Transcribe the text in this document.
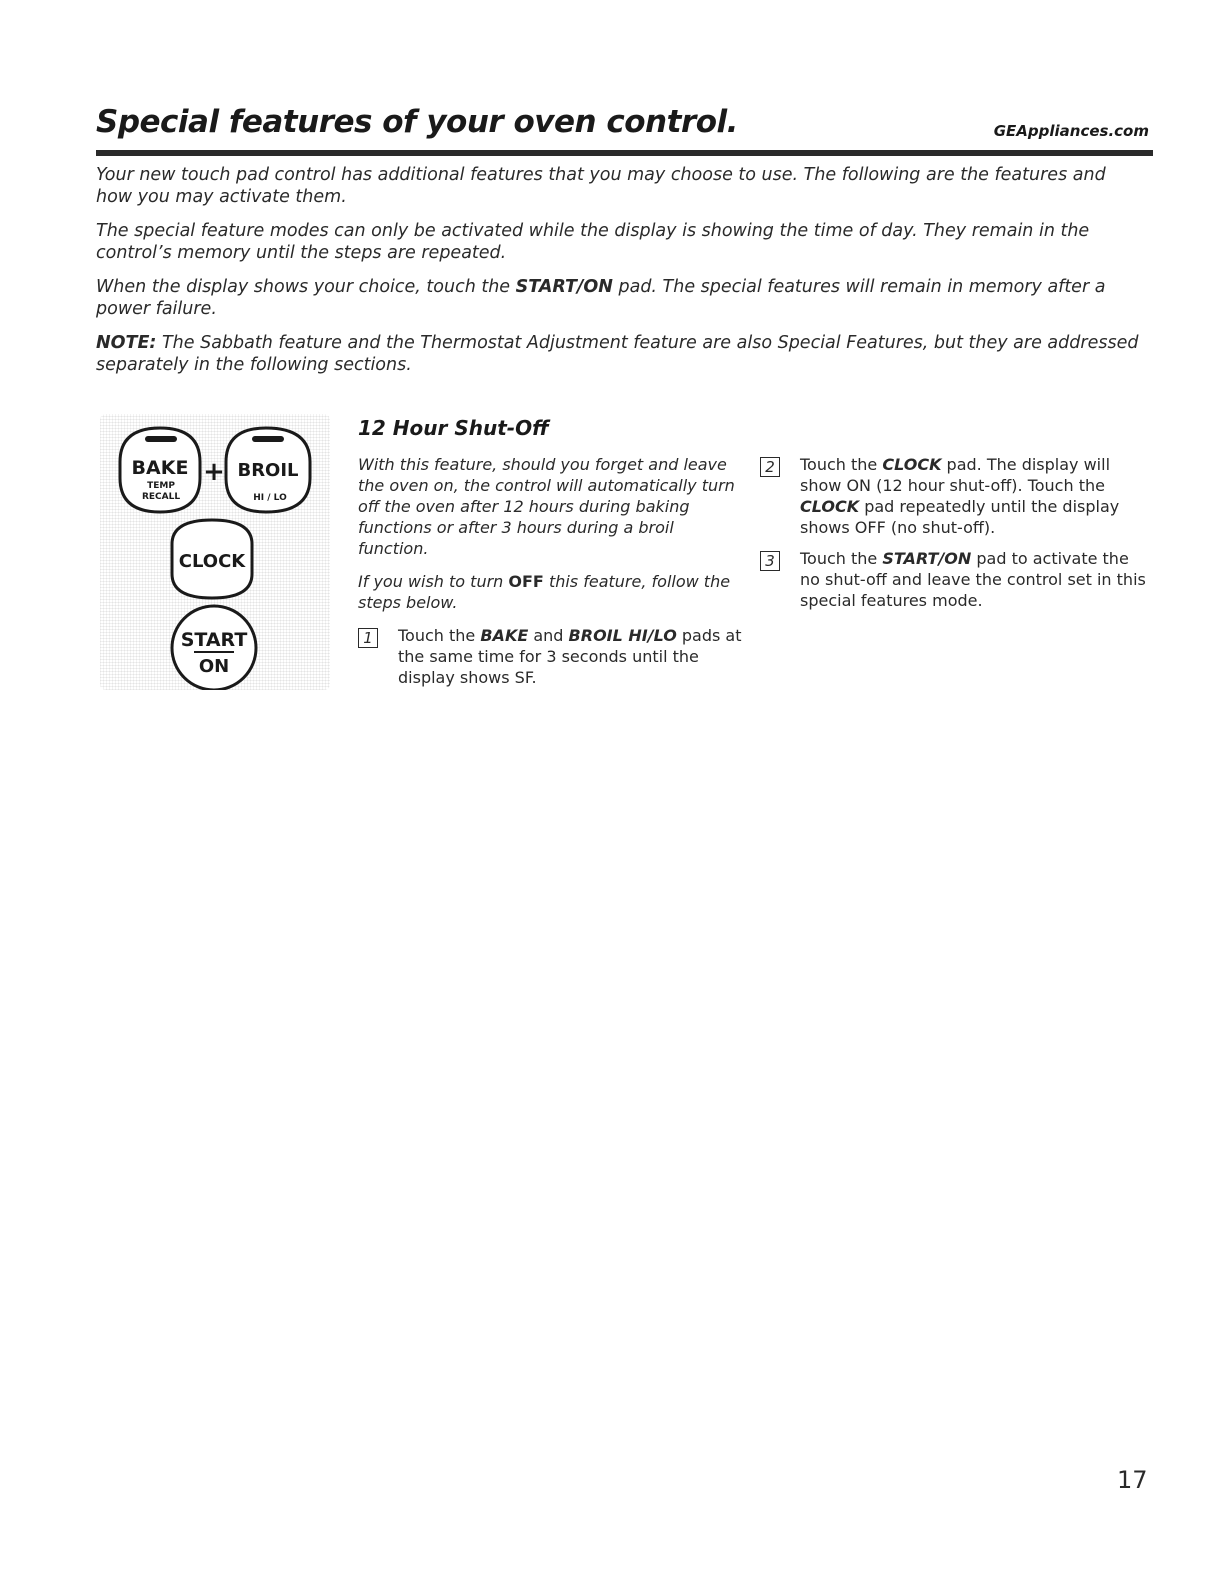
Special features of your oven control.	GEAppliances.com

Your new touch pad control has additional features that you may choose to use. The following are the features and how you may activate them.

The special feature modes can only be activated while the display is showing the time of day. They remain in the control’s memory until the steps are repeated.

When the display shows your choice, touch the START/ON pad. The special features will remain in memory after a power failure.

NOTE: The Sabbath feature and the Thermostat Adjustment feature are also Special Features, but they are addressed separately in the following sections.

BAKE
TEMP
RECALL
+ BROIL
HI / LO
CLOCK
START
ON
12 Hour Shut-Off

With this feature, should you forget and leave the oven on, the control will automatically turn off the oven after 12 hours during baking functions or after 3 hours during a broil function.

If you wish to turn OFF this feature, follow the steps below.

1	Touch the BAKE and BROIL HI/LO pads at the same time for 3 seconds until the display shows SF.
2	Touch the CLOCK pad. The display will show ON (12 hour shut-off). Touch the CLOCK pad repeatedly until the display shows OFF (no shut-off).
3	Touch the START/ON pad to activate the no shut-off and leave the control set in this special features mode.
17
